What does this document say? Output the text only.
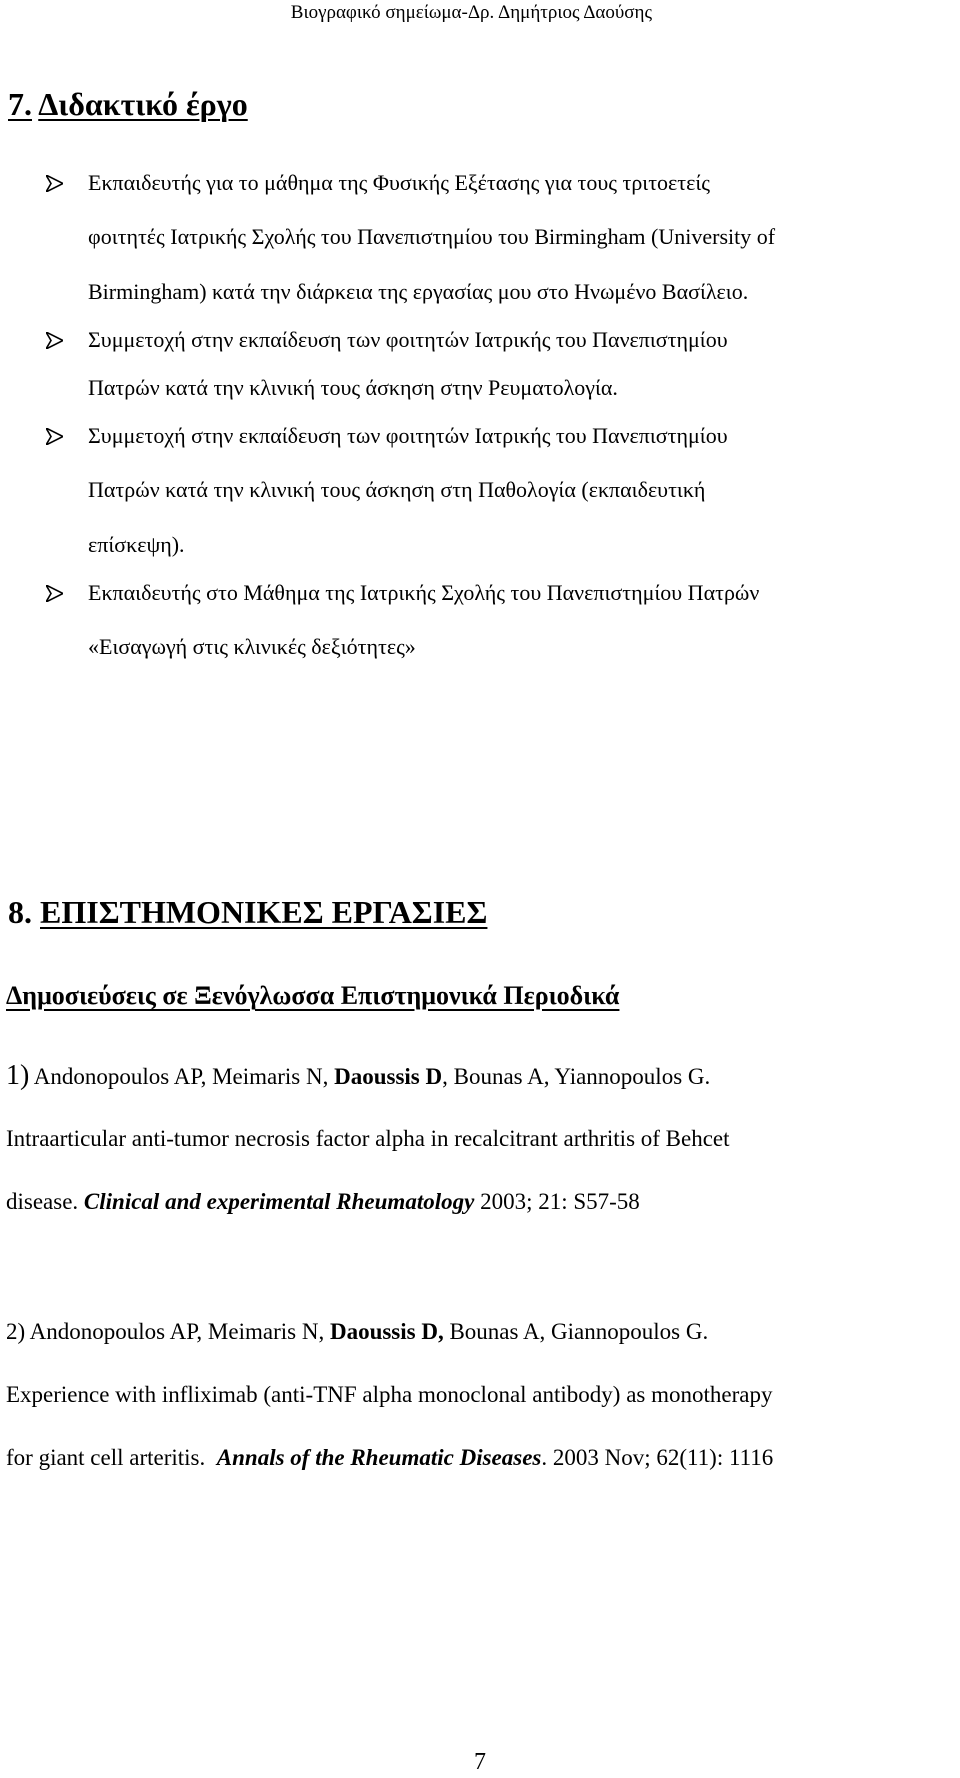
Βιογραφικό σημείωμα-Δρ. Δημήτριος Δαούσης
7. Διδακτικό έργο
Εκπαιδευτής για το μάθημα της Φυσικής Εξέτασης για τους τριτοετείς
φοιτητές Ιατρικής Σχολής του Πανεπιστημίου του Birmingham (University of
Birmingham) κατά την διάρκεια της εργασίας μου στο Ηνωμένο Βασίλειο.
Συμμετοχή στην εκπαίδευση των φοιτητών Ιατρικής του Πανεπιστημίου
Πατρών κατά την κλινική τους άσκηση στην Ρευματολογία.
Συμμετοχή στην εκπαίδευση των φοιτητών Ιατρικής του Πανεπιστημίου
Πατρών κατά την κλινική τους άσκηση στη Παθολογία (εκπαιδευτική
επίσκεψη).
Εκπαιδευτής στο Μάθημα της Ιατρικής Σχολής του Πανεπιστημίου Πατρών
«Εισαγωγή στις κλινικές δεξιότητες»
8. ΕΠΙΣΤΗΜΟΝΙΚΕΣ ΕΡΓΑΣΙΕΣ
Δημοσιεύσεις σε Ξενόγλωσσα Επιστημονικά Περιοδικά
1) Andonopoulos AP, Meimaris N, Daoussis D, Bounas A, Yiannopoulos G.
Intraarticular anti-tumor necrosis factor alpha in recalcitrant arthritis of Behcet
disease. Clinical and experimental Rheumatology 2003; 21: S57-58
2) Andonopoulos AP, Meimaris N, Daoussis D, Bounas A, Giannopoulos G.
Experience with infliximab (anti-TNF alpha monoclonal antibody) as monotherapy
for giant cell arteritis.  Annals of the Rheumatic Diseases. 2003 Nov; 62(11): 1116
7
